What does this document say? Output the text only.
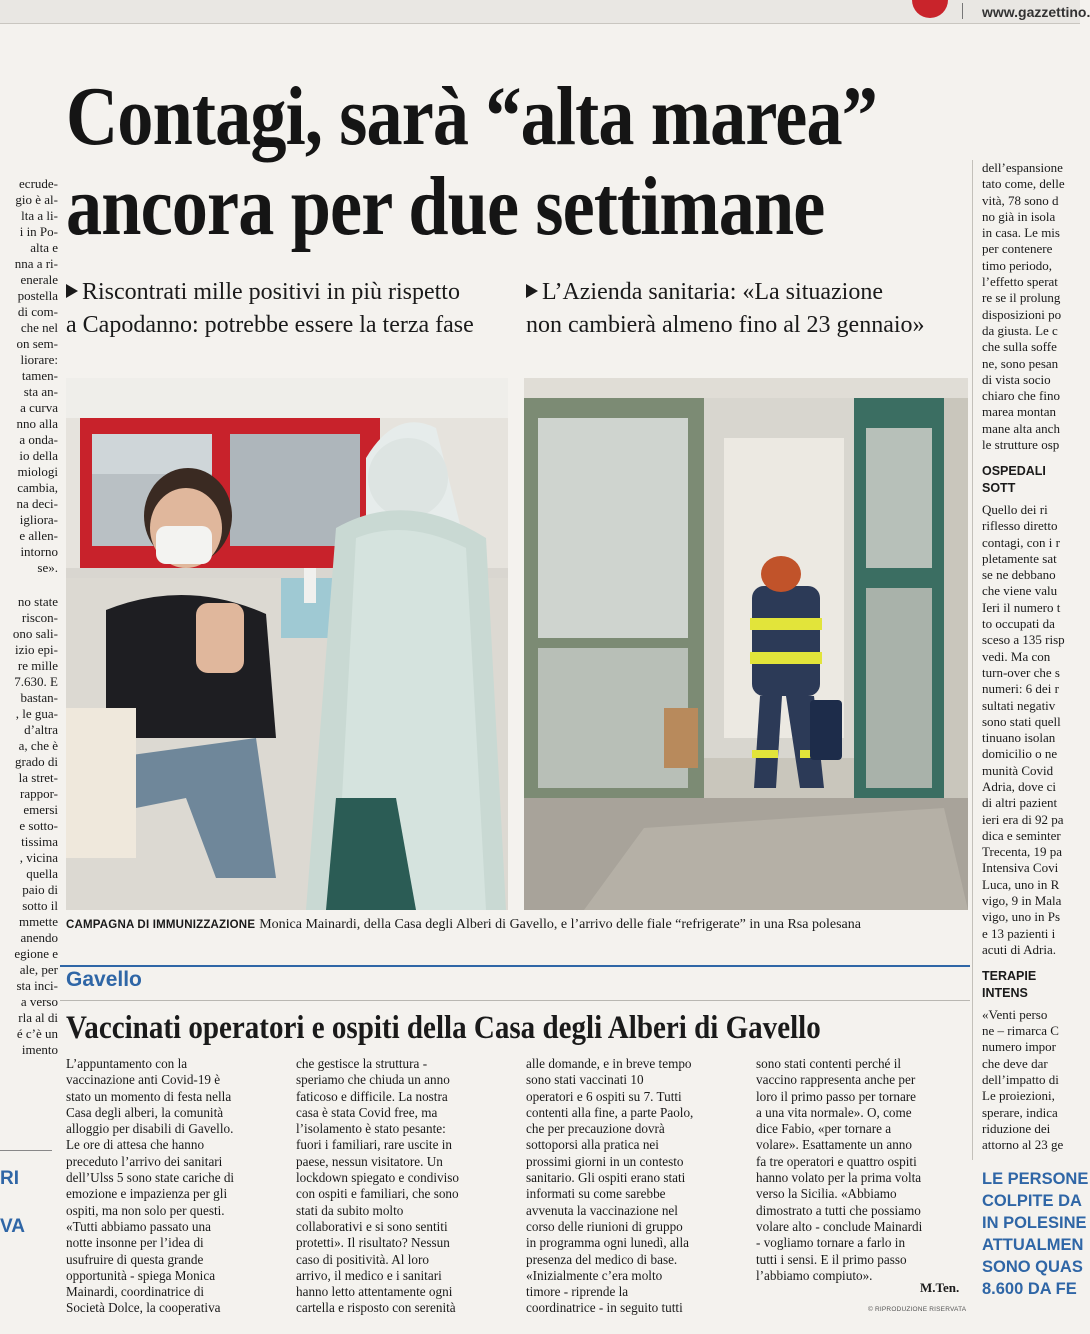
www.gazzettino.

ecrude-

gio è al-

lta a li-

i in Po-

alta e

nna a ri-

enerale

postella

di com-

che nel

on sem-

liorare:

tamen-

sta an-

a curva

nno alla

a onda-

io della

miologi

cambia,

na deci-

igliora-

e allen-

intorno

se».

no state

riscon-

ono sali-

izio epi-

re mille

7.630. E

bastan-

, le gua-

d’altra

a, che è

grado di

la stret-

rappor-

emersi

e sotto-

tissima

, vicina

quella

paio di

sotto il

mmette

anendo

egione e

ale, per

sta inci-

a verso

rla al di

é c’è un

imento

RI
VA
Contagi, sarà “alta marea”
ancora per due settimane
Riscontrati mille positivi in più rispetto
a Capodanno: potrebbe essere la terza fase
L’Azienda sanitaria: «La situazione
non cambierà almeno fino al 23 gennaio»
CAMPAGNA DI IMMUNIZZAZIONE Monica Mainardi, della Casa degli Alberi di Gavello, e l’arrivo delle fiale “refrigerate” in una Rsa polesana
Gavello
Vaccinati operatori e ospiti della Casa degli Alberi di Gavello

L’appuntamento con la

vaccinazione anti Covid-19 è

stato un momento di festa nella

Casa degli alberi, la comunità

alloggio per disabili di Gavello.

Le ore di attesa che hanno

preceduto l’arrivo dei sanitari

dell’Ulss 5 sono state cariche di

emozione e impazienza per gli

ospiti, ma non solo per questi.

«Tutti abbiamo passato una

notte insonne per l’idea di

usufruire di questa grande

opportunità - spiega Monica

Mainardi, coordinatrice di

Società Dolce, la cooperativa

che gestisce la struttura -

speriamo che chiuda un anno

faticoso e difficile. La nostra

casa è stata Covid free, ma

l’isolamento è stato pesante:

fuori i familiari, rare uscite in

paese, nessun visitatore. Un

lockdown spiegato e condiviso

con ospiti e familiari, che sono

stati da subito molto

collaborativi e si sono sentiti

protetti». Il risultato? Nessun

caso di positività. Al loro

arrivo, il medico e i sanitari

hanno letto attentamente ogni

cartella e risposto con serenità

alle domande, e in breve tempo

sono stati vaccinati 10

operatori e 6 ospiti su 7. Tutti

contenti alla fine, a parte Paolo,

che per precauzione dovrà

sottoporsi alla pratica nei

prossimi giorni in un contesto

sanitario. Gli ospiti erano stati

informati su come sarebbe

avvenuta la vaccinazione nel

corso delle riunioni di gruppo

in programma ogni lunedì, alla

presenza del medico di base.

«Inizialmente c’era molto

timore - riprende la

coordinatrice - in seguito tutti

sono stati contenti perché il

vaccino rappresenta anche per

loro il primo passo per tornare

a una vita normale». O, come

dice Fabio, «per tornare a

volare». Esattamente un anno

fa tre operatori e quattro ospiti

hanno volato per la prima volta

verso la Sicilia. «Abbiamo

dimostrato a tutti che possiamo

volare alto - conclude Mainardi

- vogliamo tornare a farlo in

tutti i sensi. E il primo passo

l’abbiamo compiuto».

M.Ten.
© RIPRODUZIONE RISERVATA

dell’espansione

tato come, delle

vità, 78 sono d

no già in isola

in casa. Le mis

per contenere

timo periodo,

l’effetto sperat

re se il prolung

disposizioni po

da giusta. Le c

che sulla soffe

ne, sono pesan

di vista socio

chiaro che fino

marea montan

mane alta anch

le strutture osp

OSPEDALI SOTT

Quello dei ri

riflesso diretto

contagi, con i r

pletamente sat

se ne debbano

che viene valu

Ieri il numero t

to occupati da

sceso a 135 risp

vedi. Ma con

turn-over che s

numeri: 6 dei r

sultati negativ

sono stati quell

tinuano isolan

domicilio o ne

munità Covid

Adria, dove ci

di altri pazient

ieri era di 92 pa

dica e seminter

Trecenta, 19 pa

Intensiva Covi

Luca, uno in R

vigo, 9 in Mala

vigo, uno in Ps

e 13 pazienti i

acuti di Adria.

TERAPIE INTENS

«Venti perso

ne – rimarca C

numero impor

che deve dar

dell’impatto di

Le proiezioni,

sperare, indica

riduzione dei

attorno al 23 ge

LE PERSONE

COLPITE DA

IN POLESINE

ATTUALMEN

SONO QUAS

8.600 DA FE
